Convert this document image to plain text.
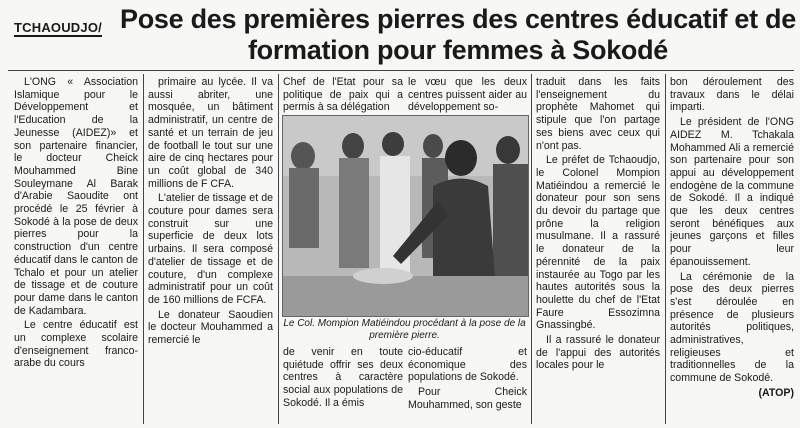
TCHAOUDJO/ Pose des premières pierres des centres éducatif et de formation pour femmes à Sokodé

L'ONG « Association Islamique pour le Développement et l'Education de la Jeunesse (AIDEZ)» et son partenaire financier, le docteur Cheick Mouhammed Bine Souleymane Al Barak d'Arabie Saoudite ont procédé le 25 février à Sokodé à la pose de deux pierres pour la construction d'un centre éducatif dans le canton de Tchalo et pour un atelier de tissage et de couture pour dame dans le canton de Kadambara.

Le centre éducatif est un complexe scolaire d'enseignement franco-arabe du cours

primaire au lycée. Il va aussi abriter, une mosquée, un bâtiment administratif, un centre de santé et un terrain de jeu de football le tout sur une aire de cinq hectares pour un coût global de 340 millions de F CFA.

L'atelier de tissage et de couture pour dames sera construit sur une superficie de deux lots urbains. Il sera composé d'atelier de tissage et de couture, d'un complexe administratif pour un coût de 160 millions de FCFA.

Le donateur Saoudien le docteur Mouhammed a remercié le

Chef de l'Etat pour sa politique de paix qui a permis à sa délégation

le vœu que les deux centres puissent aider au développement so-

Le Col. Mompion Matiéindou procédant à la pose de la première pierre.

de venir en toute quiétude offrir ses deux centres à caractère social aux populations de Sokodé. Il a émis

cio-éducatif et économique des populations de Sokodé.

Pour Cheick Mouhammed, son geste

traduit dans les faits l'enseignement du prophète Mahomet qui stipule que l'on partage ses biens avec ceux qui n'ont pas.

Le préfet de Tchaoudjo, le Colonel Mompion Matiéindou a remercié le donateur pour son sens du devoir du partage que prône la religion musulmane. Il a rassuré le donateur de la pérennité de la paix instaurée au Togo par les hautes autorités sous la houlette du chef de l'Etat Faure Essozimna Gnassingbé.

Il a rassuré le donateur de l'appui des autorités locales pour le

bon déroulement des travaux dans le délai imparti.

Le président de l'ONG AIDEZ M. Tchakala Mohammed Ali a remercié son partenaire pour son appui au développement endogène de la commune de Sokodé. Il a indiqué que les deux centres seront bénéfiques aux jeunes garçons et filles pour leur épanouissement.

La cérémonie de la pose des deux pierres s'est déroulée en présence de plusieurs autorités politiques, administratives, religieuses et traditionnelles de la commune de Sokodé.

(ATOP)
